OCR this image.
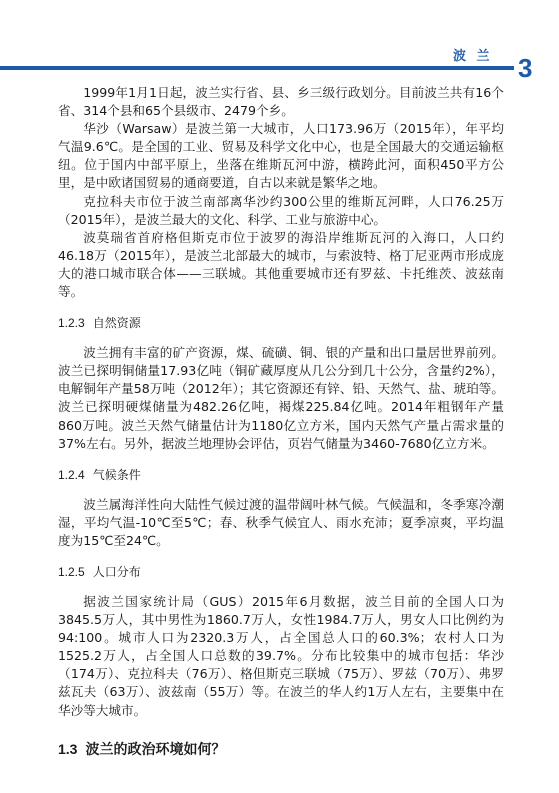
波 兰 3

1999年1月1日起，波兰实行省、县、乡三级行政划分。目前波兰共有16个省、314个县和65个县级市、2479个乡。

华沙（Warsaw）是波兰第一大城市，人口173.96万（2015年），年平均气温9.6℃。是全国的工业、贸易及科学文化中心，也是全国最大的交通运输枢纽。位于国内中部平原上，坐落在维斯瓦河中游，横跨此河，面积450平方公里，是中欧诸国贸易的通商要道，自古以来就是繁华之地。

克拉科夫市位于波兰南部离华沙约300公里的维斯瓦河畔，人口76.25万（2015年），是波兰最大的文化、科学、工业与旅游中心。

波莫瑞省首府格但斯克市位于波罗的海沿岸维斯瓦河的入海口，人口约46.18万（2015年），是波兰北部最大的城市，与索波特、格丁尼亚两市形成庞大的港口城市联合体——三联城。其他重要城市还有罗兹、卡托维茨、波兹南等。

1.2.3 自然资源

波兰拥有丰富的矿产资源，煤、硫磺、铜、银的产量和出口量居世界前列。波兰已探明铜储量17.93亿吨（铜矿藏厚度从几公分到几十公分，含量约2%），电解铜年产量58万吨（2012年）；其它资源还有锌、铅、天然气、盐、琥珀等。波兰已探明硬煤储量为482.26亿吨，褐煤225.84亿吨。2014年粗钢年产量860万吨。波兰天然气储量估计为1180亿立方米，国内天然气产量占需求量的37%左右。另外，据波兰地理协会评估，页岩气储量为3460-7680亿立方米。

1.2.4 气候条件

波兰属海洋性向大陆性气候过渡的温带阔叶林气候。气候温和，冬季寒冷潮湿，平均气温-10℃至5℃；春、秋季气候宜人、雨水充沛；夏季凉爽，平均温度为15℃至24℃。

1.2.5 人口分布

据波兰国家统计局（GUS）2015年6月数据，波兰目前的全国人口为3845.5万人，其中男性为1860.7万人，女性1984.7万人，男女人口比例约为94:100。城市人口为2320.3万人，占全国总人口的60.3%；农村人口为1525.2万人，占全国人口总数的39.7%。分布比较集中的城市包括：华沙（174万）、克拉科夫（76万）、格但斯克三联城（75万）、罗兹（70万）、弗罗兹瓦夫（63万）、波兹南（55万）等。在波兰的华人约1万人左右，主要集中在华沙等大城市。

1.3 波兰的政治环境如何？
